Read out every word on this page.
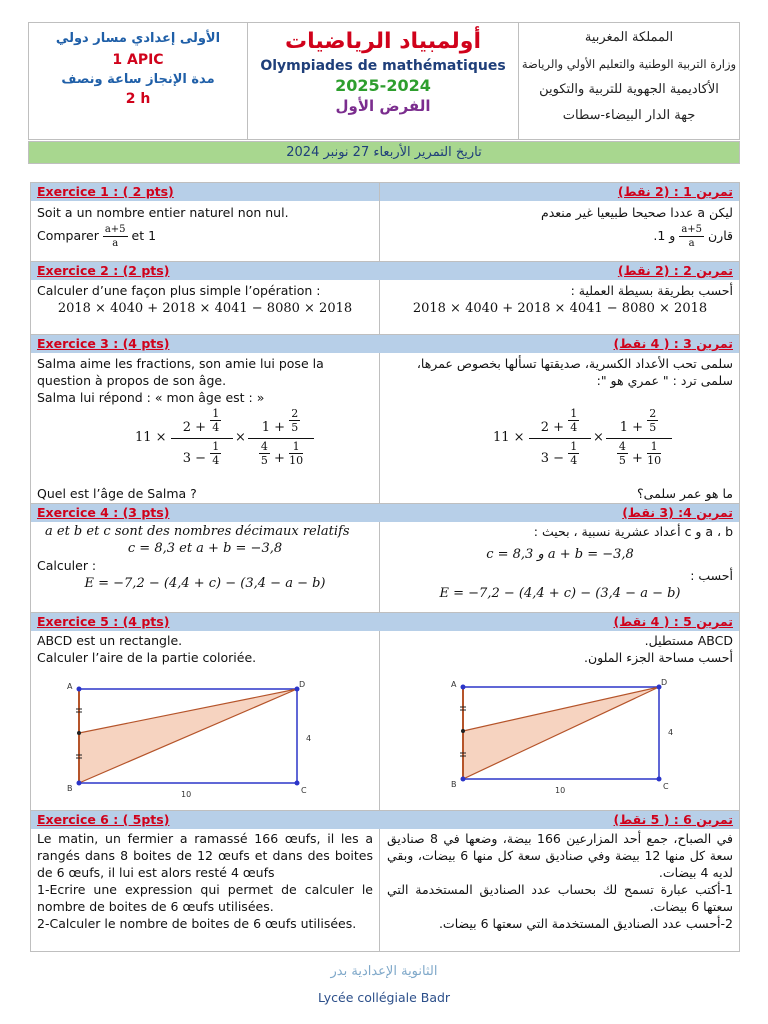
الأولى إعدادي مسار دولي
1 APIC
مدة الإنجاز ساعة ونصف
2 h
أولمبياد الرياضيات
Olympiades de mathématiques
2025-2024
الفرض الأول
المملكة المغربية
وزارة التربية الوطنية والتعليم الأولي والرياضة
الأكاديمية الجهوية للتربية والتكوين
جهة الدار البيضاء-سطات
تاريخ التمرير الأربعاء 27 نونبر 2024
Exercice 1 : ( 2 pts)	تمرين 1 : (2 نقط)
Soit a un nombre entier naturel non nul.
Comparer $\frac{a+5}{a}$ et 1
ليكن a عددا صحيحا طبيعيا غير منعدم
قارن
$\frac{a+5}{a}$
و 1.
Exercice 2 : (2 pts)	تمرين 2 : (2 نقط)
Calculer d’une façon plus simple l’opération :
2018 × 4040 + 2018 × 4041 − 8080 × 2018
أحسب بطريقة بسيطة العملية :
2018 × 4040 + 2018 × 4041 − 8080 × 2018
Exercice 3 : (4 pts)	تمرين 3 : ( 4 نقط)
Salma aime les fractions, son amie lui pose la question à propos de son âge.
Salma lui répond : « mon âge est : »
سلمى تحب الأعداد الكسرية، صديقتها تسألها بخصوص عمرها، سلمى ترد : " عمري هو ":
11 ×
$2 + \frac{1}{4}$
$3 - \frac{1}{4}$
×
$1 + \frac{2}{5}$
$\frac{4}{5} + \frac{1}{10}$
11 ×
$2 + \frac{1}{4}$
$3 - \frac{1}{4}$
×
$1 + \frac{2}{5}$
$\frac{4}{5} + \frac{1}{10}$
Quel est l’âge de Salma ?	ما هو عمر سلمى؟
Exercice 4 : (3 pts)	تمرين 4: (3 نقط)
a et b et c sont des nombres décimaux relatifs
c = 8,3 et a + b = −3,8
Calculer :
E = −7,2 − (4,4 + c) − (3,4 − a − b)
a ، b و c أعداد عشرية نسبية ، بحيث :
c = 8,3 و a + b = −3,8
أحسب :
E = −7,2 − (4,4 + c) − (3,4 − a − b)
Exercice 5 : (4 pts)	تمرين 5 : ( 4 نقط)
ABCD est un rectangle.
Calculer l’aire de la partie coloriée.
ABCD مستطيل.
أحسب مساحة الجزء الملون.
A
B	C
D
10
4
A
B	C
D
10
4
Exercice 6 : ( 5pts)	تمرين 6 : ( 5 نقط)
Le matin, un fermier a ramassé 166 œufs, il les a rangés dans 8 boites de 12 œufs et dans des boites de 6 œufs, il lui est alors resté 4 œufs
1-Ecrire une expression qui permet de calculer le nombre de boites de 6 œufs utilisées.
2-Calculer le nombre de boites de 6 œufs utilisées.
في الصباح، جمع أحد المزارعين 166 بيضة، وضعها في 8 صناديق سعة كل منها 12 بيضة وفي صناديق سعة كل منها 6 بيضات، وبقي لديه 4 بيضات.
1-أكتب عبارة تسمح لك بحساب عدد الصناديق المستخدمة التي سعتها 6 بيضات.
2-أحسب عدد الصناديق المستخدمة التي سعتها 6 بيضات.
الثانوية الإعدادية بدر
Lycée collégiale Badr
